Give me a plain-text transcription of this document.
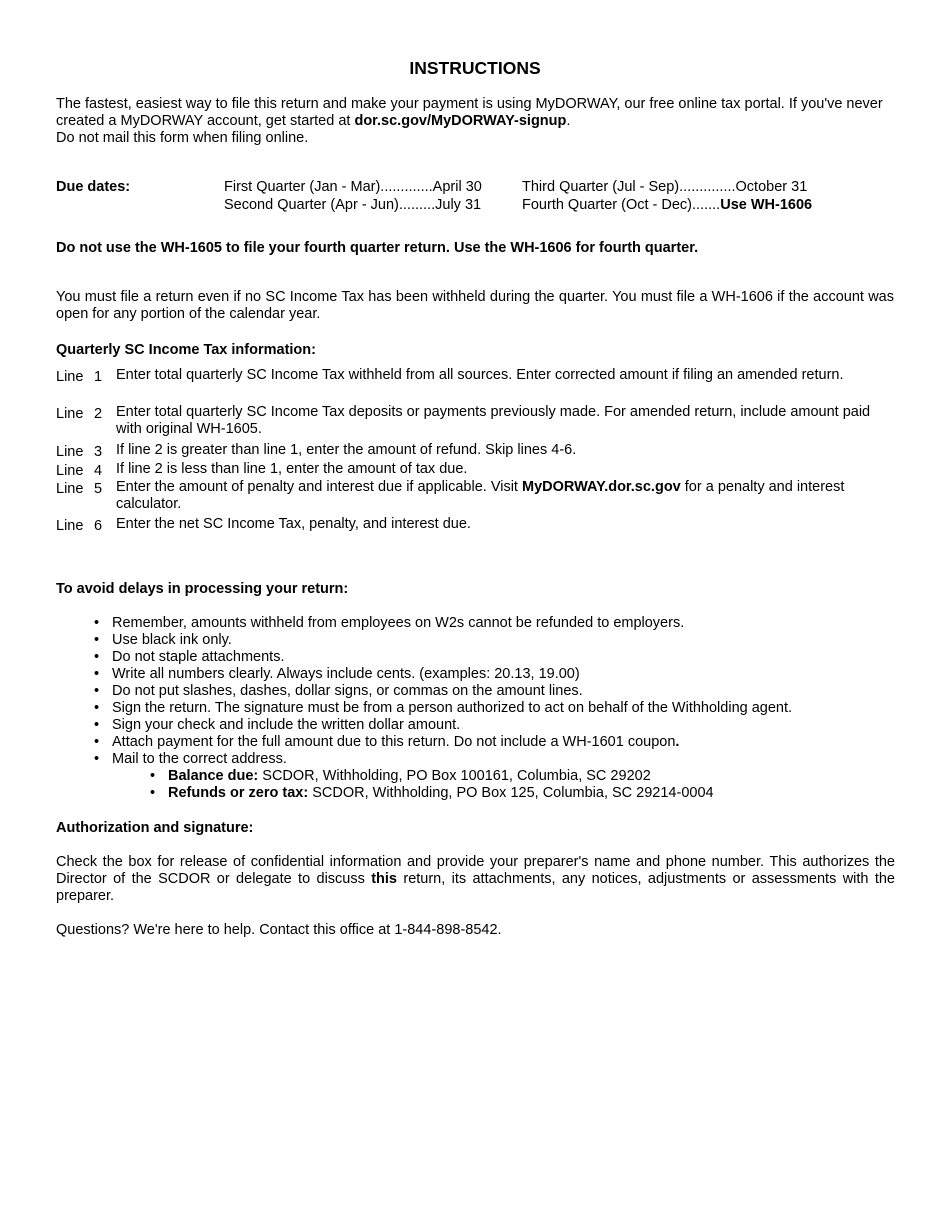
INSTRUCTIONS
The fastest, easiest way to file this return and make your payment is using MyDORWAY, our free online tax portal. If you've never created a MyDORWAY account, get started at dor.sc.gov/MyDORWAY-signup.
Do not mail this form when filing online.
Due dates:	First Quarter (Jan - Mar).............April 30
Second Quarter (Apr - Jun).........July 31
Third Quarter (Jul - Sep)..............October 31
Fourth Quarter (Oct - Dec).......Use WH-1606
Do not use the WH-1605 to file your fourth quarter return. Use the WH-1606 for fourth quarter.
You must file a return even if no SC Income Tax has been withheld during the quarter. You must file a WH-1606 if the account was open for any portion of the calendar year.
Quarterly SC Income Tax information:
Line 1 Enter total quarterly SC Income Tax withheld from all sources. Enter corrected amount if filing an amended return.
Line 2 Enter total quarterly SC Income Tax deposits or payments previously made. For amended return, include amount paid with original WH-1605.
Line 3 If line 2 is greater than line 1, enter the amount of refund. Skip lines 4-6.
Line 4 If line 2 is less than line 1, enter the amount of tax due.
Line 5 Enter the amount of penalty and interest due if applicable. Visit MyDORWAY.dor.sc.gov for a penalty and interest calculator.
Line 6 Enter the net SC Income Tax, penalty, and interest due.
To avoid delays in processing your return:
• Remember, amounts withheld from employees on W2s cannot be refunded to employers.
• Use black ink only.
• Do not staple attachments.
• Write all numbers clearly. Always include cents. (examples: 20.13, 19.00)
• Do not put slashes, dashes, dollar signs, or commas on the amount lines.
• Sign the return. The signature must be from a person authorized to act on behalf of the Withholding agent.
• Sign your check and include the written dollar amount.
• Attach payment for the full amount due to this return. Do not include a WH-1601 coupon.
• Mail to the correct address.
• Balance due: SCDOR, Withholding, PO Box 100161, Columbia, SC 29202
• Refunds or zero tax: SCDOR, Withholding, PO Box 125, Columbia, SC 29214-0004
Authorization and signature:
Check the box for release of confidential information and provide your preparer's name and phone number. This authorizes the Director of the SCDOR or delegate to discuss this return, its attachments, any notices, adjustments or assessments with the preparer.
Questions? We're here to help. Contact this office at 1-844-898-8542.
